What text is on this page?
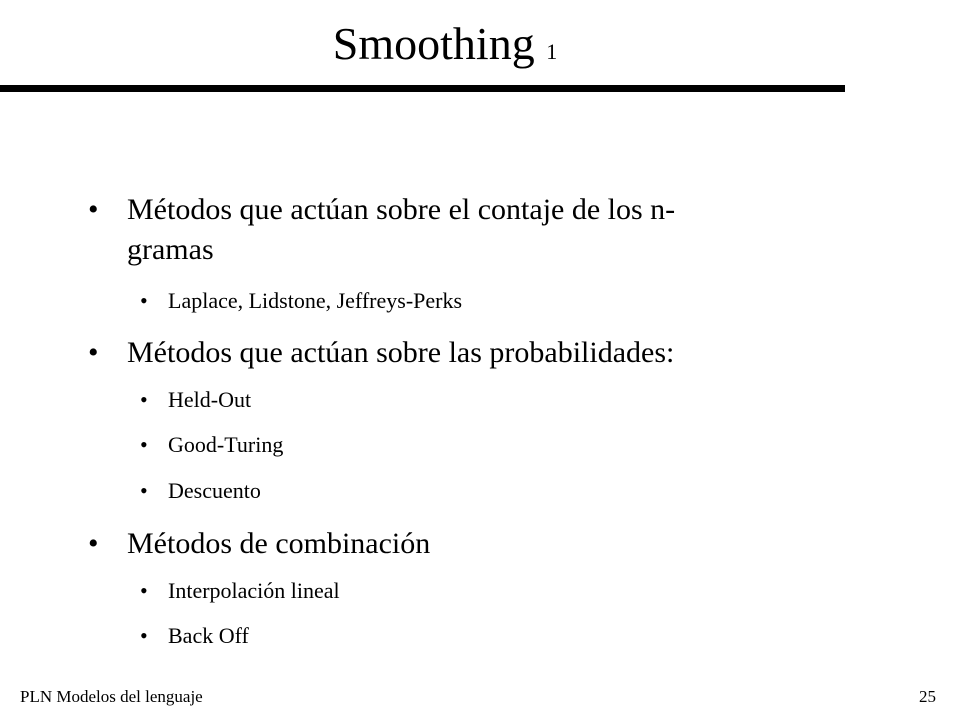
Smoothing 1
• Métodos que actúan sobre el contaje de los n-
gramas
• Laplace, Lidstone, Jeffreys-Perks
• Métodos que actúan sobre las probabilidades:
• Held-Out
• Good-Turing
• Descuento
• Métodos de combinación
• Interpolación lineal
• Back Off
PLN Modelos del lenguaje	25
